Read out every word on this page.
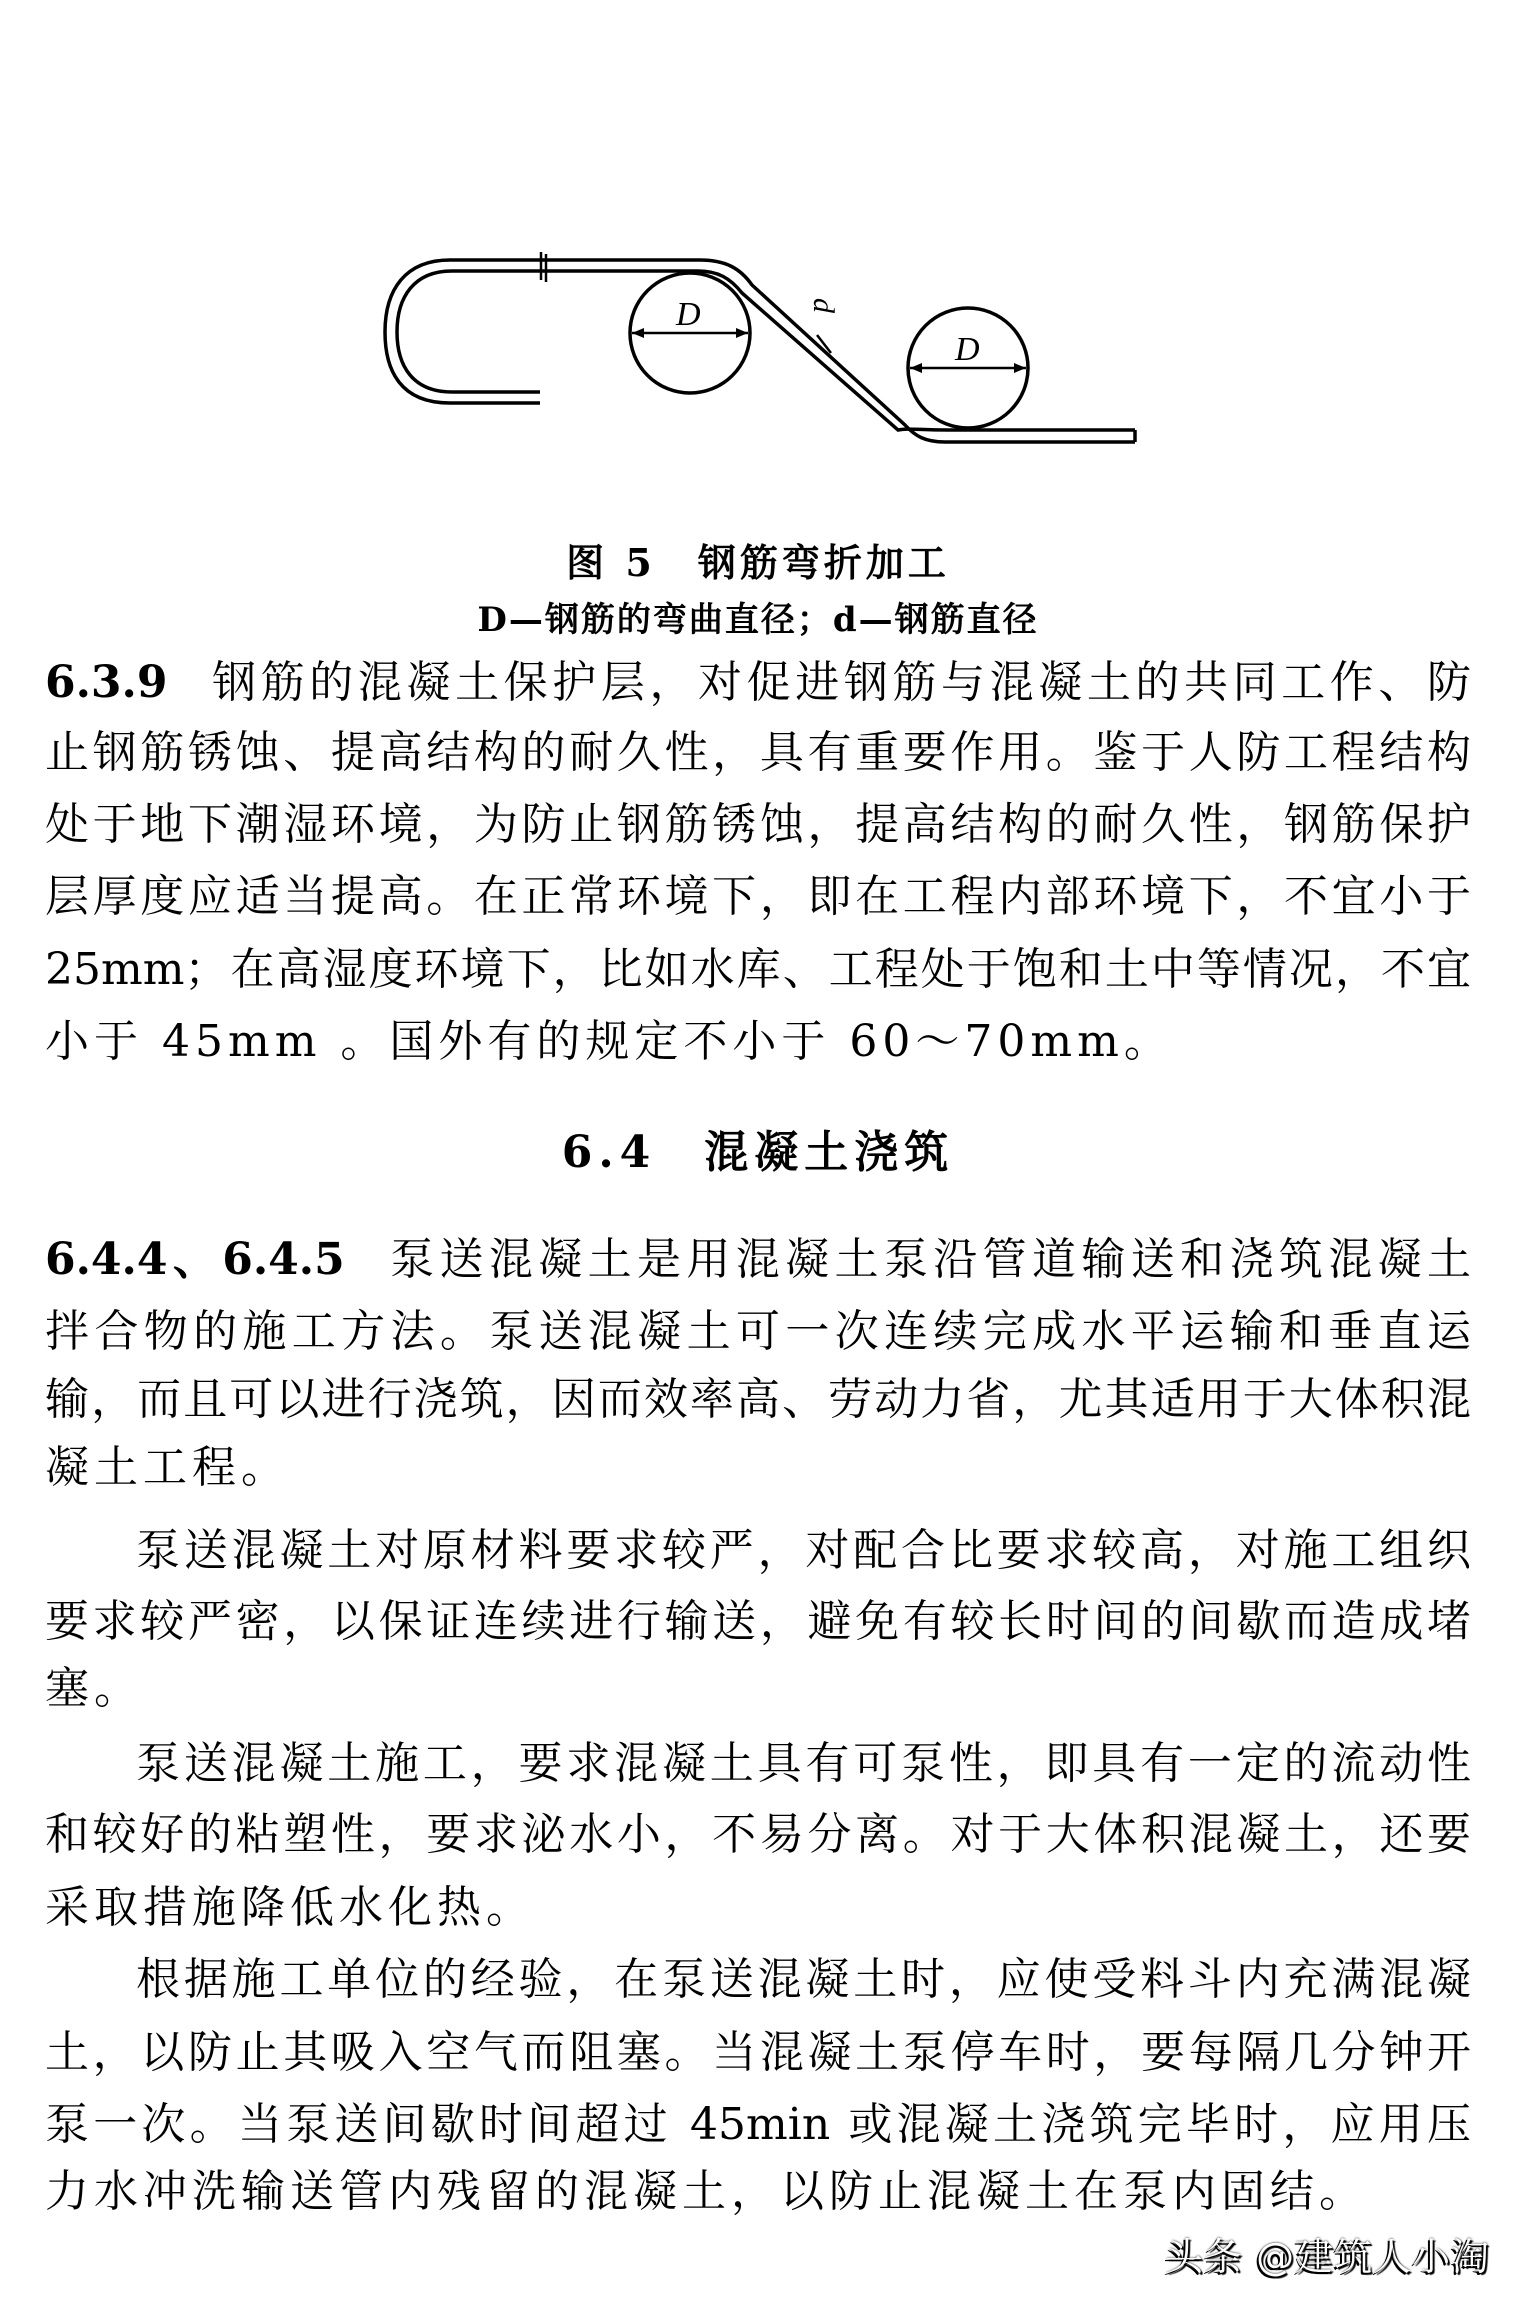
D
D
d
图 5　钢筋弯折加工
D—钢筋的弯曲直径；d—钢筋直径
6.3.9 钢筋的混凝土保护层，对促进钢筋与混凝土的共同工作、防
止钢筋锈蚀、提高结构的耐久性，具有重要作用。鉴于人防工程结构
处于地下潮湿环境，为防止钢筋锈蚀，提高结构的耐久性，钢筋保护
层厚度应适当提高。在正常环境下，即在工程内部环境下，不宜小于
25mm；在高湿度环境下，比如水库、工程处于饱和土中等情况，不宜
小于 45mm 。国外有的规定不小于 60～70mm。
6.4 混凝土浇筑
6.4.4、6.4.5 泵送混凝土是用混凝土泵沿管道输送和浇筑混凝土
拌合物的施工方法。泵送混凝土可一次连续完成水平运输和垂直运
输，而且可以进行浇筑，因而效率高、劳动力省，尤其适用于大体积混
凝土工程。
泵送混凝土对原材料要求较严，对配合比要求较高，对施工组织
要求较严密，以保证连续进行输送，避免有较长时间的间歇而造成堵
塞。
泵送混凝土施工，要求混凝土具有可泵性，即具有一定的流动性
和较好的粘塑性，要求泌水小，不易分离。对于大体积混凝土，还要
采取措施降低水化热。
根据施工单位的经验，在泵送混凝土时，应使受料斗内充满混凝
土，以防止其吸入空气而阻塞。当混凝土泵停车时，要每隔几分钟开
泵一次。当泵送间歇时间超过 45min 或混凝土浇筑完毕时，应用压
力水冲洗输送管内残留的混凝土，以防止混凝土在泵内固结。
头条 @建筑人小淘
